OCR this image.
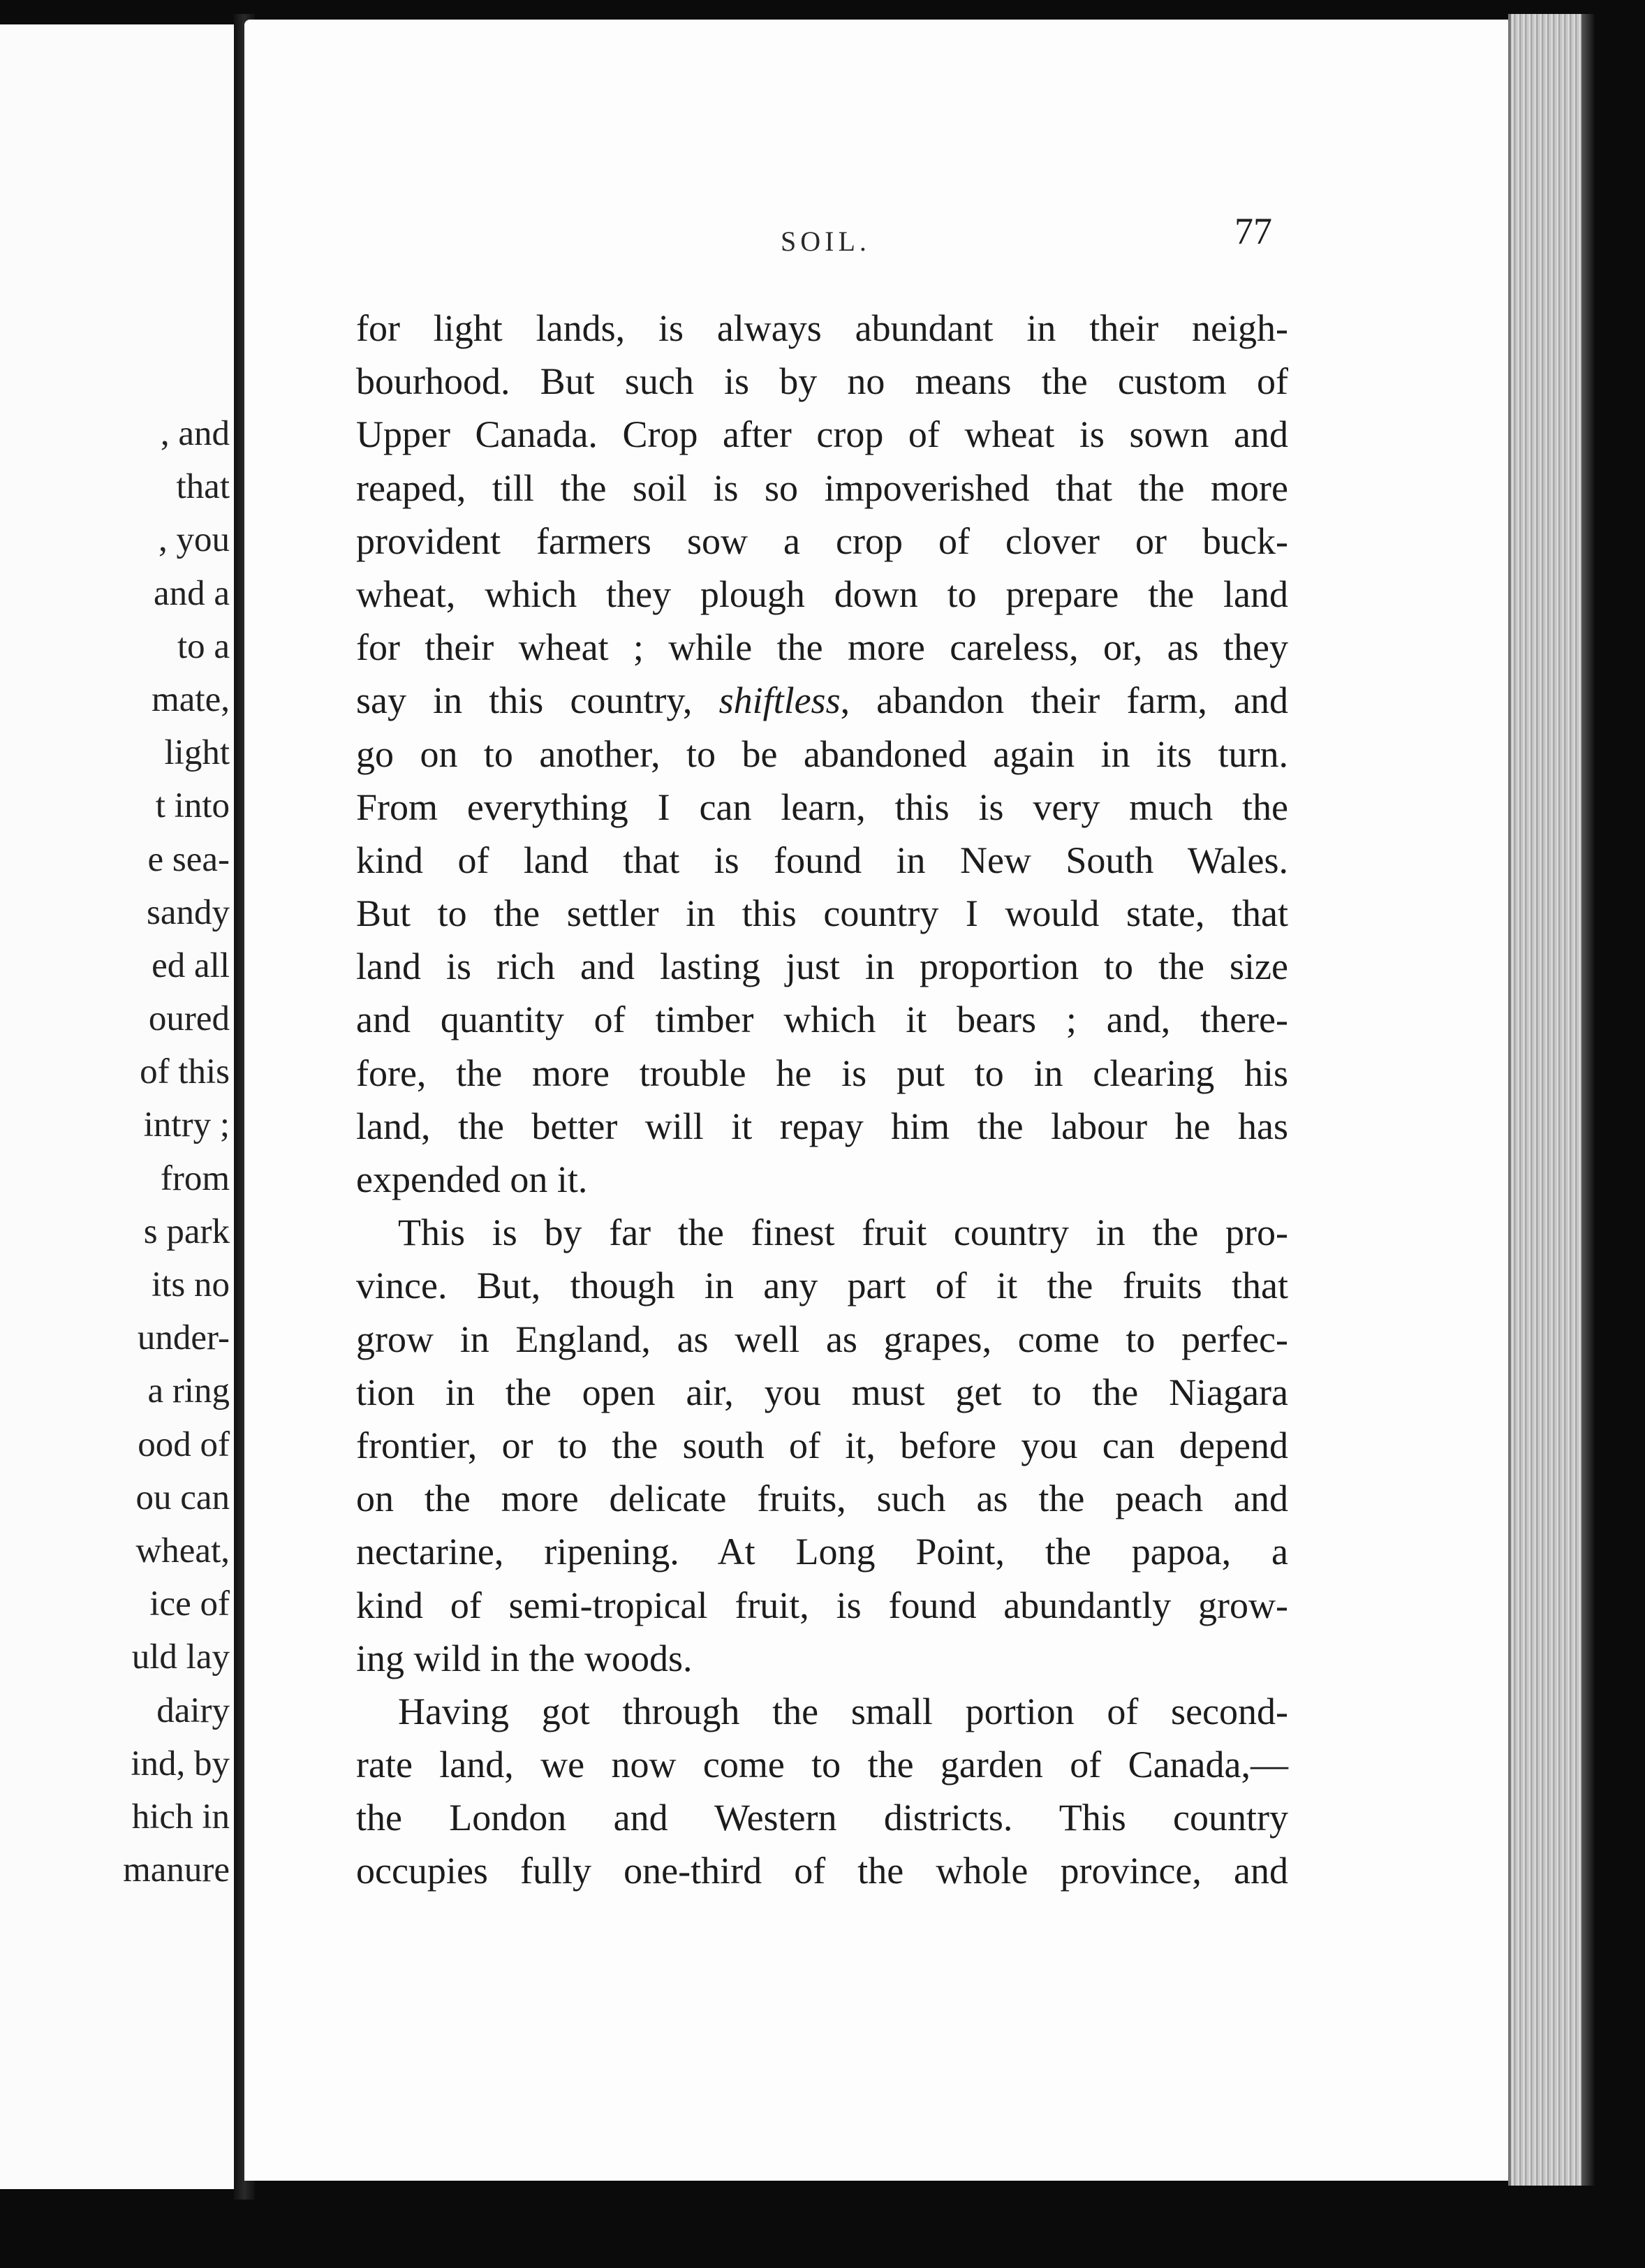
, and
that
, you
and a
to a
mate,
light
t into
e sea-
sandy
ed all
oured
of this
intry ;
from
s park
its no
under-
a ring
ood of
ou can
wheat,
ice of
uld lay
dairy
ind, by
hich in
manure
SOIL.	77
for light lands, is always abundant in their neigh-
bourhood. But such is by no means the custom of
Upper Canada. Crop after crop of wheat is sown and
reaped, till the soil is so impoverished that the more
provident farmers sow a crop of clover or buck-
wheat, which they plough down to prepare the land
for their wheat ; while the more careless, or, as they
say in this country, shiftless, abandon their farm, and
go on to another, to be abandoned again in its turn.
From everything I can learn, this is very much the
kind of land that is found in New South Wales.
But to the settler in this country I would state, that
land is rich and lasting just in proportion to the size
and quantity of timber which it bears ; and, there-
fore, the more trouble he is put to in clearing his
land, the better will it repay him the labour he has
expended on it.
This is by far the finest fruit country in the pro-
vince. But, though in any part of it the fruits that
grow in England, as well as grapes, come to perfec-
tion in the open air, you must get to the Niagara
frontier, or to the south of it, before you can depend
on the more delicate fruits, such as the peach and
nectarine, ripening. At Long Point, the papoa, a
kind of semi-tropical fruit, is found abundantly grow-
ing wild in the woods.
Having got through the small portion of second-
rate land, we now come to the garden of Canada,—
the London and Western districts. This country
occupies fully one-third of the whole province, and
